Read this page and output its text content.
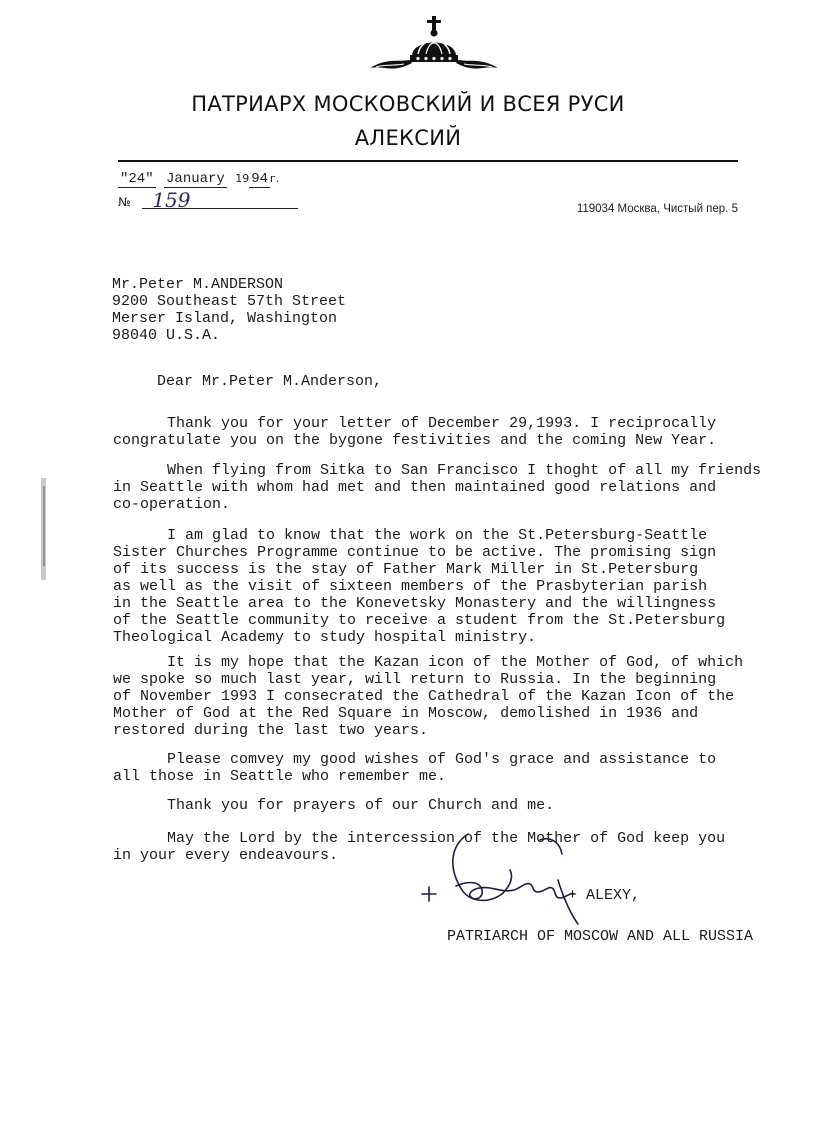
ПАТРИАРХ МОСКОВСКИЙ И ВСЕЯ РУСИ
АЛЕКСИЙ
"24" January 19 94 г.
№ 159	119034 Москва, Чистый пер. 5
Mr.Peter M.ANDERSON
9200 Southeast 57th Street
Merser Island, Washington
98040 U.S.A.
Dear Mr.Peter M.Anderson,
Thank you for your letter of December 29,1993. I reciprocally
congratulate you on the bygone festivities and the coming New Year.
When flying from Sitka to San Francisco I thoght of all my friends
in Seattle with whom had met and then maintained good relations and
co-operation.
I am glad to know that the work on the St.Petersburg-Seattle
Sister Churches Programme continue to be active. The promising sign
of its success is the stay of Father Mark Miller in St.Petersburg
as well as the visit of sixteen members of the Prasbyterian parish
in the Seattle area to the Konevetsky Monastery and the willingness
of the Seattle community to receive a student from the St.Petersburg
Theological Academy to study hospital ministry.
It is my hope that the Kazan icon of the Mother of God, of which
we spoke so much last year, will return to Russia. In the beginning
of November 1993 I consecrated the Cathedral of the Kazan Icon of the
Mother of God at the Red Square in Moscow, demolished in 1936 and
restored during the last two years.
Please comvey my good wishes of God's grace and assistance to
all those in Seattle who remember me.
Thank you for prayers of our Church and me.
May the Lord by the intercession of the Mother of God keep you
in your every endeavours.
+ ALEXY,
PATRIARCH OF MOSCOW AND ALL RUSSIA
